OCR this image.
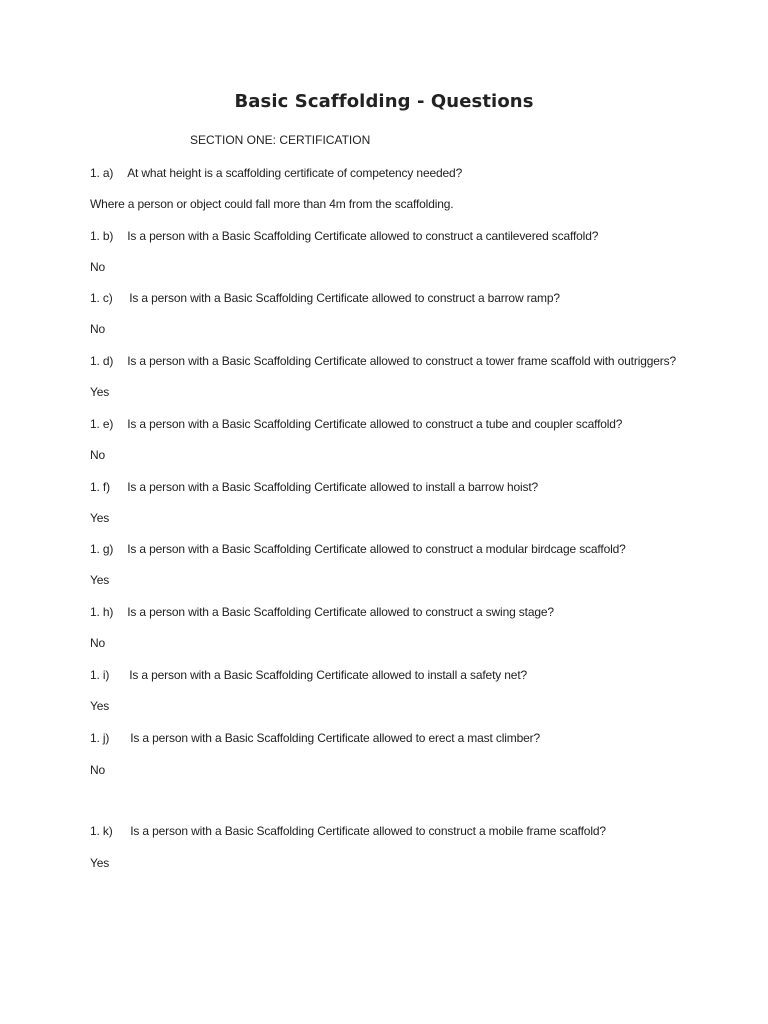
Basic Scaffolding - Questions
SECTION ONE: CERTIFICATION
1. a) At what height is a scaffolding certificate of competency needed?
Where a person or object could fall more than 4m from the scaffolding.
1. b) Is a person with a Basic Scaffolding Certificate allowed to construct a cantilevered scaffold?
No
1. c) Is a person with a Basic Scaffolding Certificate allowed to construct a barrow ramp?
No
1. d) Is a person with a Basic Scaffolding Certificate allowed to construct a tower frame scaffold with outriggers?
Yes
1. e) Is a person with a Basic Scaffolding Certificate allowed to construct a tube and coupler scaffold?
No
1. f) Is a person with a Basic Scaffolding Certificate allowed to install a barrow hoist?
Yes
1. g) Is a person with a Basic Scaffolding Certificate allowed to construct a modular birdcage scaffold?
Yes
1. h) Is a person with a Basic Scaffolding Certificate allowed to construct a swing stage?
No
1. i) Is a person with a Basic Scaffolding Certificate allowed to install a safety net?
Yes
1. j) Is a person with a Basic Scaffolding Certificate allowed to erect a mast climber?
No
1. k) Is a person with a Basic Scaffolding Certificate allowed to construct a mobile frame scaffold?
Yes
